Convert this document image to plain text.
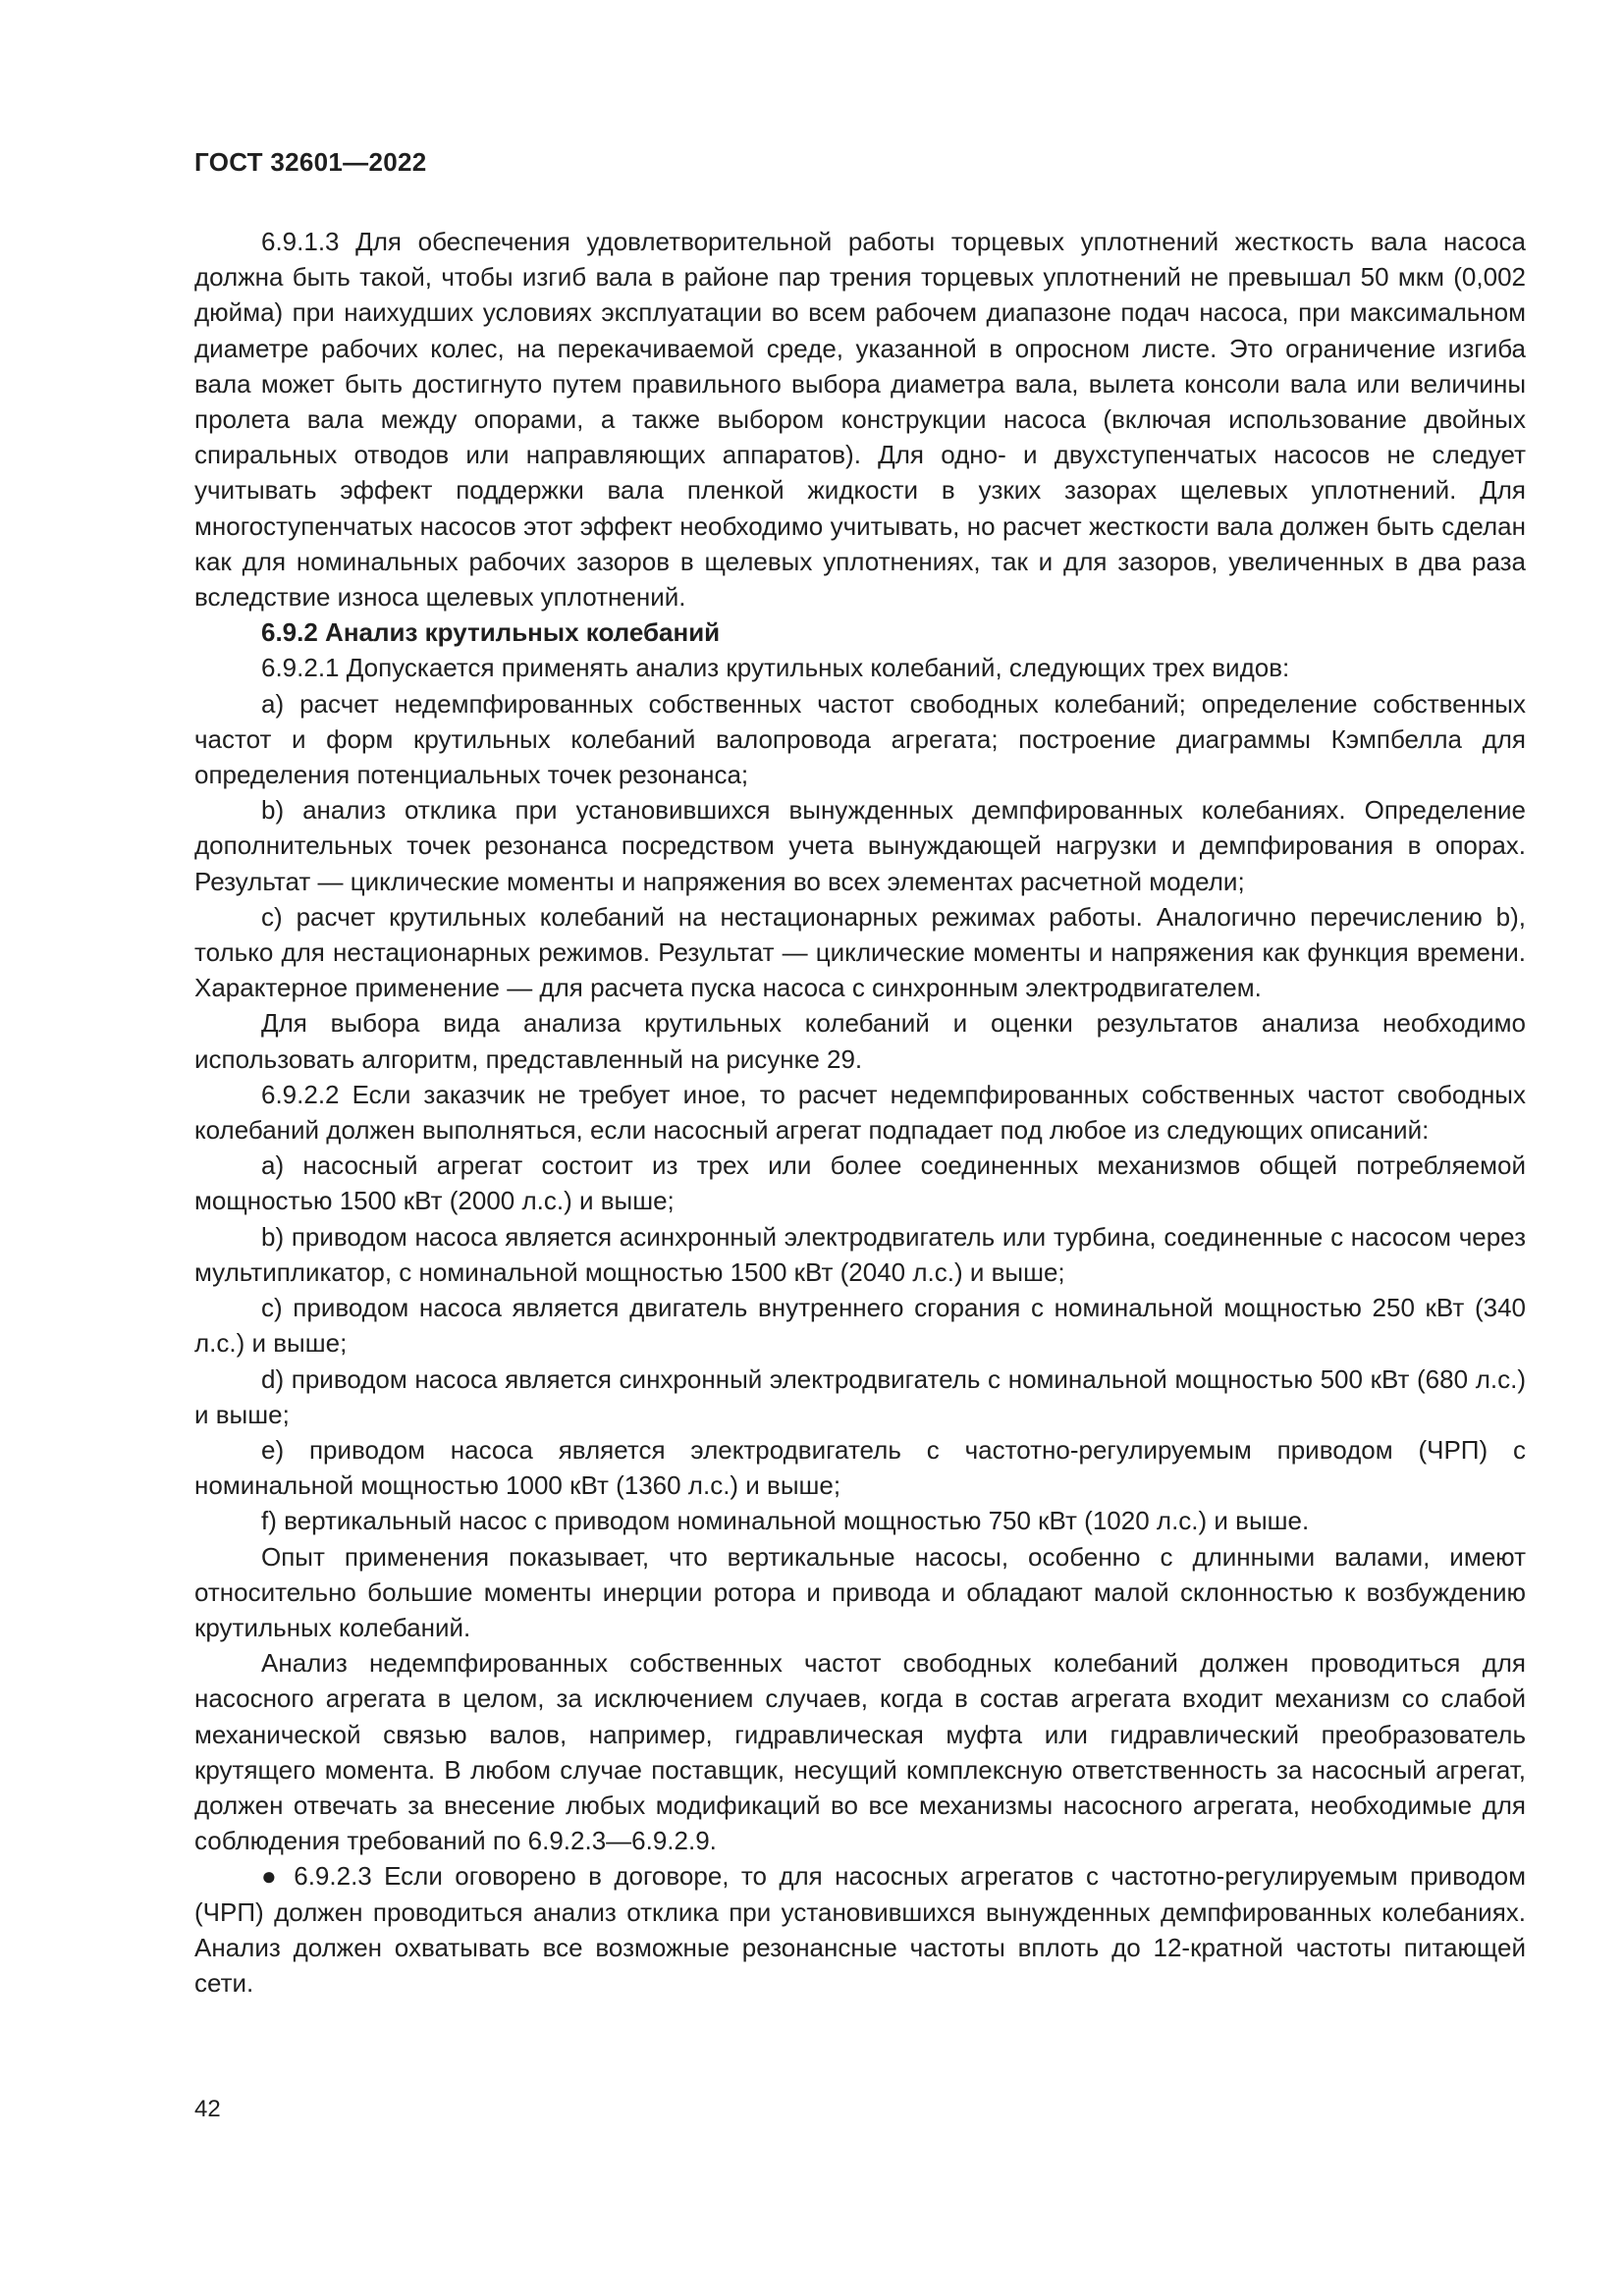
ГОСТ 32601—2022

6.9.1.3 Для обеспечения удовлетворительной работы торцевых уплотнений жесткость вала насоса должна быть такой, чтобы изгиб вала в районе пар трения торцевых уплотнений не превышал 50 мкм (0,002 дюйма) при наихудших условиях эксплуатации во всем рабочем диапазоне подач насоса, при максимальном диаметре рабочих колес, на перекачиваемой среде, указанной в опросном листе. Это ограничение изгиба вала может быть достигнуто путем правильного выбора диаметра вала, вылета консоли вала или величины пролета вала между опорами, а также выбором конструкции насоса (включая использование двойных спиральных отводов или направляющих аппаратов). Для одно- и двухступенчатых насосов не следует учитывать эффект поддержки вала пленкой жидкости в узких зазорах щелевых уплотнений. Для многоступенчатых насосов этот эффект необходимо учитывать, но расчет жесткости вала должен быть сделан как для номинальных рабочих зазоров в щелевых уплотнениях, так и для зазоров, увеличенных в два раза вследствие износа щелевых уплотнений.

6.9.2 Анализ крутильных колебаний

6.9.2.1 Допускается применять анализ крутильных колебаний, следующих трех видов:

a) расчет недемпфированных собственных частот свободных колебаний; определение собственных частот и форм крутильных колебаний валопровода агрегата; построение диаграммы Кэмпбелла для определения потенциальных точек резонанса;

b) анализ отклика при установившихся вынужденных демпфированных колебаниях. Определение дополнительных точек резонанса посредством учета вынуждающей нагрузки и демпфирования в опорах. Результат — циклические моменты и напряжения во всех элементах расчетной модели;

c) расчет крутильных колебаний на нестационарных режимах работы. Аналогично перечислению b), только для нестационарных режимов. Результат — циклические моменты и напряжения как функция времени. Характерное применение — для расчета пуска насоса с синхронным электродвигателем.

Для выбора вида анализа крутильных колебаний и оценки результатов анализа необходимо использовать алгоритм, представленный на рисунке 29.

6.9.2.2 Если заказчик не требует иное, то расчет недемпфированных собственных частот свободных колебаний должен выполняться, если насосный агрегат подпадает под любое из следующих описаний:

a) насосный агрегат состоит из трех или более соединенных механизмов общей потребляемой мощностью 1500 кВт (2000 л.с.) и выше;

b) приводом насоса является асинхронный электродвигатель или турбина, соединенные с насосом через мультипликатор, с номинальной мощностью 1500 кВт (2040 л.с.) и выше;

c) приводом насоса является двигатель внутреннего сгорания с номинальной мощностью 250 кВт (340 л.с.) и выше;

d) приводом насоса является синхронный электродвигатель с номинальной мощностью 500 кВт (680 л.с.) и выше;

e) приводом насоса является электродвигатель с частотно-регулируемым приводом (ЧРП) с номинальной мощностью 1000 кВт (1360 л.с.) и выше;

f) вертикальный насос с приводом номинальной мощностью 750 кВт (1020 л.с.) и выше.

Опыт применения показывает, что вертикальные насосы, особенно с длинными валами, имеют относительно большие моменты инерции ротора и привода и обладают малой склонностью к возбуждению крутильных колебаний.

Анализ недемпфированных собственных частот свободных колебаний должен проводиться для насосного агрегата в целом, за исключением случаев, когда в состав агрегата входит механизм со слабой механической связью валов, например, гидравлическая муфта или гидравлический преобразователь крутящего момента. В любом случае поставщик, несущий комплексную ответственность за насосный агрегат, должен отвечать за внесение любых модификаций во все механизмы насосного агрегата, необходимые для соблюдения требований по 6.9.2.3—6.9.2.9.

● 6.9.2.3 Если оговорено в договоре, то для насосных агрегатов с частотно-регулируемым приводом (ЧРП) должен проводиться анализ отклика при установившихся вынужденных демпфированных колебаниях. Анализ должен охватывать все возможные резонансные частоты вплоть до 12-кратной частоты питающей сети.

42
